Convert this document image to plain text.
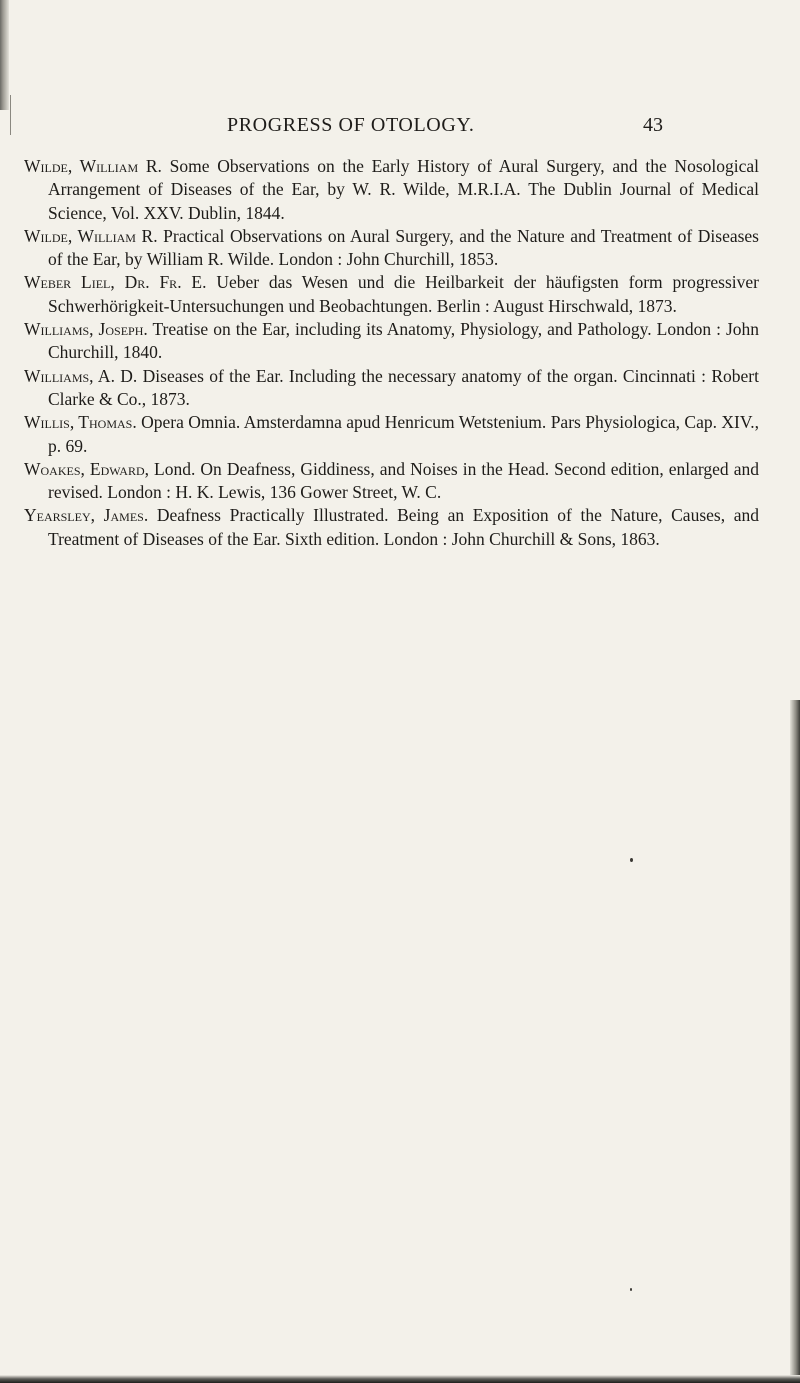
PROGRESS OF OTOLOGY.	43

Wilde, William R. Some Observations on the Early History of Aural Surgery, and the Nosological Arrangement of Diseases of the Ear, by W. R. Wilde, M.R.I.A. The Dublin Journal of Medical Science, Vol. XXV. Dublin, 1844.

Wilde, William R. Practical Observations on Aural Surgery, and the Nature and Treatment of Diseases of the Ear, by William R. Wilde. London : John Churchill, 1853.

Weber Liel, Dr. Fr. E. Ueber das Wesen und die Heilbarkeit der häufigsten form progressiver Schwerhörigkeit-Untersuchungen und Beobachtungen. Berlin : August Hirschwald, 1873.

Williams, Joseph. Treatise on the Ear, including its Anatomy, Physiology, and Pathology. London : John Churchill, 1840.

Williams, A. D. Diseases of the Ear. Including the necessary anatomy of the organ. Cincinnati : Robert Clarke & Co., 1873.

Willis, Thomas. Opera Omnia. Amsterdamna apud Henricum Wetstenium. Pars Physiologica, Cap. XIV., p. 69.

Woakes, Edward, Lond. On Deafness, Giddiness, and Noises in the Head. Second edition, enlarged and revised. London : H. K. Lewis, 136 Gower Street, W. C.

Yearsley, James. Deafness Practically Illustrated. Being an Exposition of the Nature, Causes, and Treatment of Diseases of the Ear. Sixth edition. London : John Churchill & Sons, 1863.
